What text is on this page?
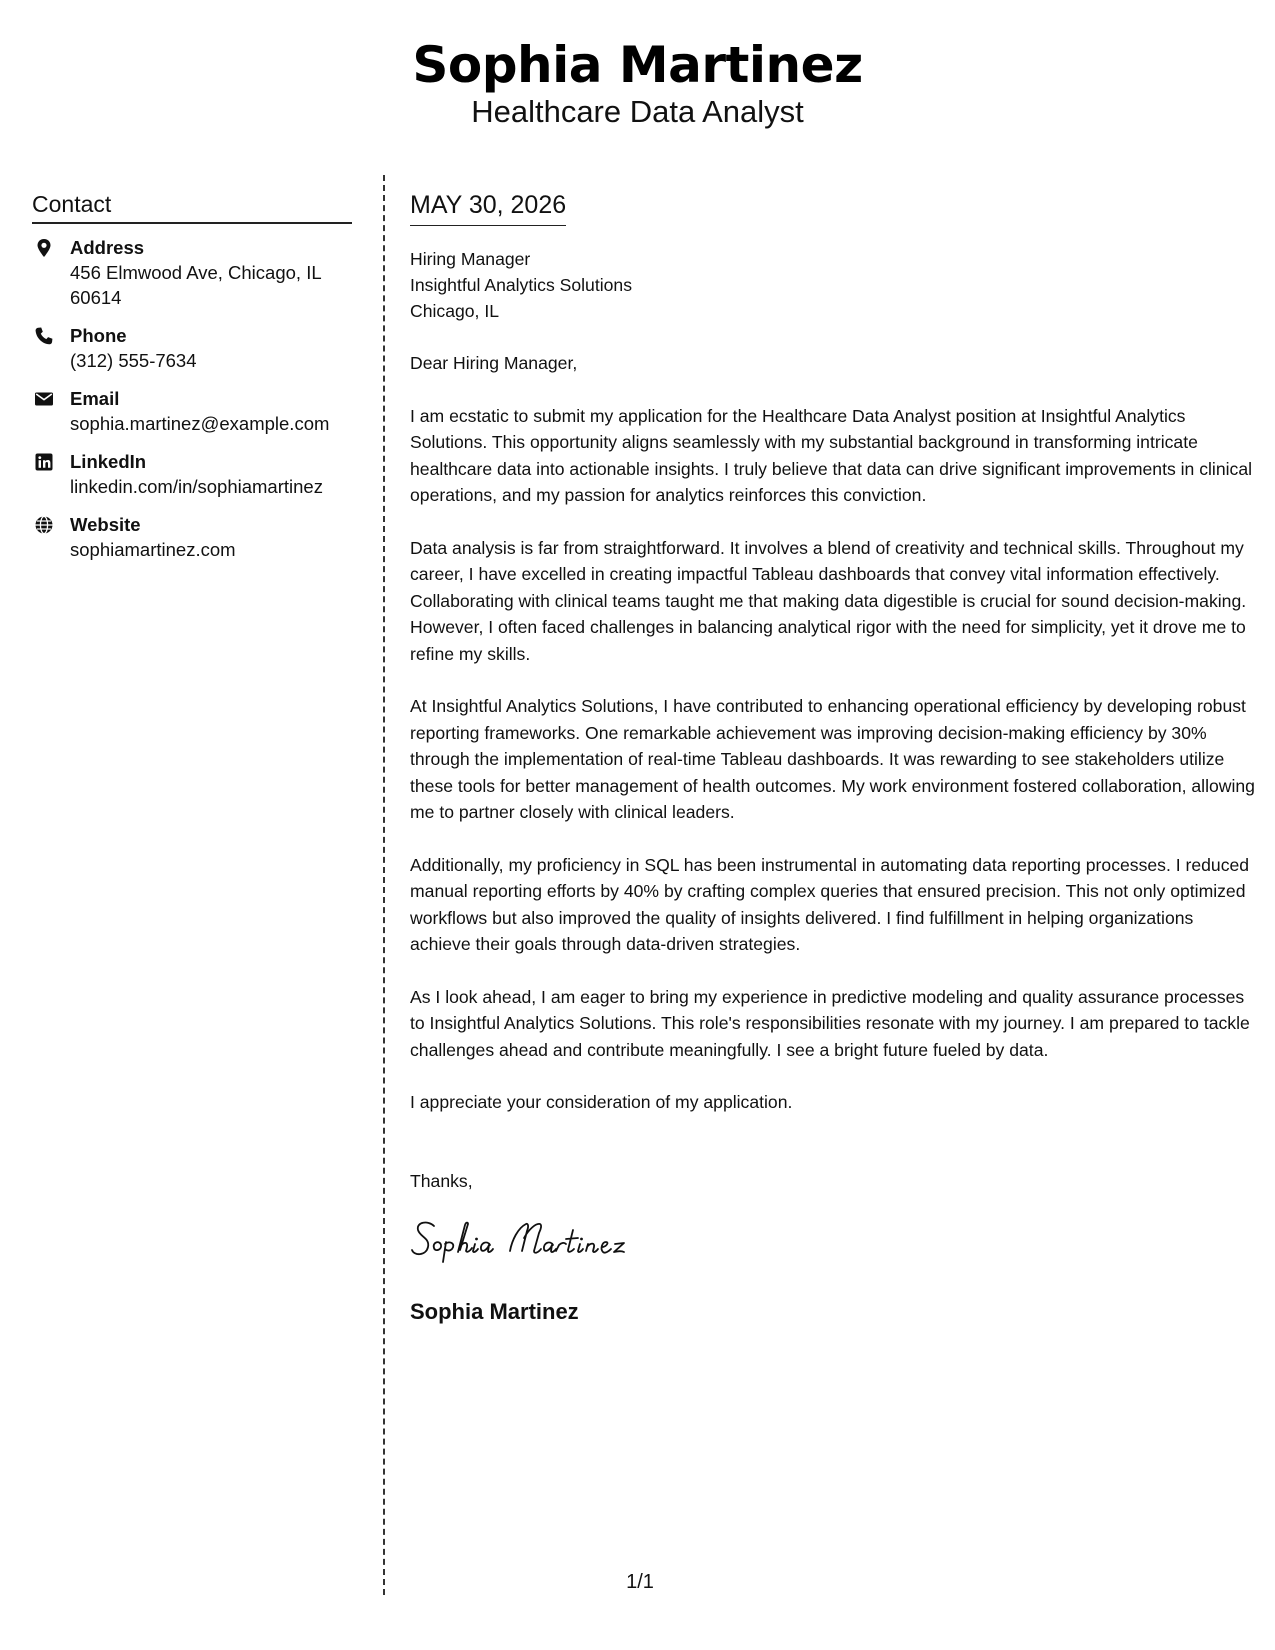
Sophia Martinez
Healthcare Data Analyst
Contact
Address
456 Elmwood Ave, Chicago, IL 60614
Phone
(312) 555-7634
Email
sophia.martinez@example.com
LinkedIn
linkedin.com/in/sophiamartinez
Website
sophiamartinez.com
MAY 30, 2026
Hiring Manager
Insightful Analytics Solutions
Chicago, IL
Dear Hiring Manager,
I am ecstatic to submit my application for the Healthcare Data Analyst position at Insightful Analytics Solutions. This opportunity aligns seamlessly with my substantial background in transforming intricate healthcare data into actionable insights. I truly believe that data can drive significant improvements in clinical operations, and my passion for analytics reinforces this conviction.
Data analysis is far from straightforward. It involves a blend of creativity and technical skills. Throughout my career, I have excelled in creating impactful Tableau dashboards that convey vital information effectively. Collaborating with clinical teams taught me that making data digestible is crucial for sound decision-making. However, I often faced challenges in balancing analytical rigor with the need for simplicity, yet it drove me to refine my skills.
At Insightful Analytics Solutions, I have contributed to enhancing operational efficiency by developing robust reporting frameworks. One remarkable achievement was improving decision-making efficiency by 30% through the implementation of real-time Tableau dashboards. It was rewarding to see stakeholders utilize these tools for better management of health outcomes. My work environment fostered collaboration, allowing me to partner closely with clinical leaders.
Additionally, my proficiency in SQL has been instrumental in automating data reporting processes. I reduced manual reporting efforts by 40% by crafting complex queries that ensured precision. This not only optimized workflows but also improved the quality of insights delivered. I find fulfillment in helping organizations achieve their goals through data-driven strategies.
As I look ahead, I am eager to bring my experience in predictive modeling and quality assurance processes to Insightful Analytics Solutions. This role's responsibilities resonate with my journey. I am prepared to tackle challenges ahead and contribute meaningfully. I see a bright future fueled by data.
I appreciate your consideration of my application.
Thanks,
Sophia Martinez
1/1
